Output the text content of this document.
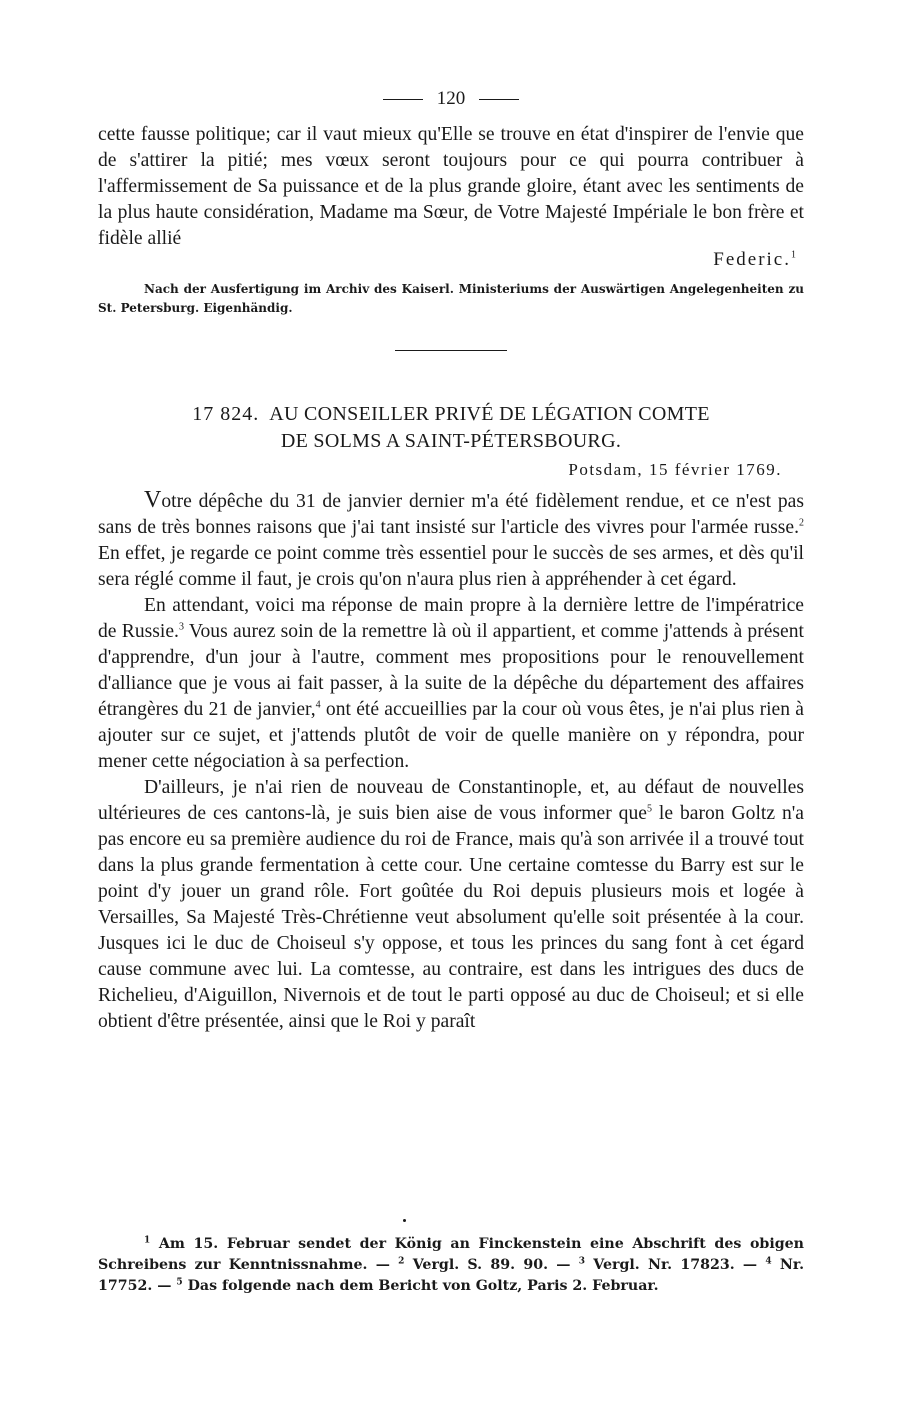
120

cette fausse politique; car il vaut mieux qu'Elle se trouve en état d'inspirer de l'envie que de s'attirer la pitié; mes vœux seront toujours pour ce qui pourra contribuer à l'affermissement de Sa puissance et de la plus grande gloire, étant avec les sentiments de la plus haute considération, Madame ma Sœur, de Votre Majesté Impériale le bon frère et fidèle allié

Federic.$^1$
Nach der Ausfertigung im Archiv des Kaiserl. Ministeriums der Auswärtigen Angelegenheiten zu St. Petersburg. Eigenhändig.
17 824. AU CONSEILLER PRIVÉ DE LÉGATION COMTE
DE SOLMS A SAINT-PÉTERSBOURG.
Potsdam, 15 février 1769.

Votre dépêche du 31 de janvier dernier m'a été fidèlement rendue, et ce n'est pas sans de très bonnes raisons que j'ai tant insisté sur l'article des vivres pour l'armée russe.$^2$ En effet, je regarde ce point comme très essentiel pour le succès de ses armes, et dès qu'il sera réglé comme il faut, je crois qu'on n'aura plus rien à appréhender à cet égard.

En attendant, voici ma réponse de main propre à la dernière lettre de l'impératrice de Russie.$^3$ Vous aurez soin de la remettre là où il appartient, et comme j'attends à présent d'apprendre, d'un jour à l'autre, comment mes propositions pour le renouvellement d'alliance que je vous ai fait passer, à la suite de la dépêche du département des affaires étrangères du 21 de janvier,$^4$ ont été accueillies par la cour où vous êtes, je n'ai plus rien à ajouter sur ce sujet, et j'attends plutôt de voir de quelle manière on y répondra, pour mener cette négociation à sa perfection.

D'ailleurs, je n'ai rien de nouveau de Constantinople, et, au défaut de nouvelles ultérieures de ces cantons-là, je suis bien aise de vous informer que$^5$ le baron Goltz n'a pas encore eu sa première audience du roi de France, mais qu'à son arrivée il a trouvé tout dans la plus grande fermentation à cette cour. Une certaine comtesse du Barry est sur le point d'y jouer un grand rôle. Fort goûtée du Roi depuis plusieurs mois et logée à Versailles, Sa Majesté Très-Chrétienne veut absolument qu'elle soit présentée à la cour. Jusques ici le duc de Choiseul s'y oppose, et tous les princes du sang font à cet égard cause commune avec lui. La comtesse, au contraire, est dans les intrigues des ducs de Richelieu, d'Aiguillon, Nivernois et de tout le parti opposé au duc de Choiseul; et si elle obtient d'être présentée, ainsi que le Roi y paraît

$^1$ Am 15. Februar sendet der König an Finckenstein eine Abschrift des obigen Schreibens zur Kenntnissnahme. — $^2$ Vergl. S. 89. 90. — $^3$ Vergl. Nr. 17823. — $^4$ Nr. 17752. — $^5$ Das folgende nach dem Bericht von Goltz, Paris 2. Februar.
